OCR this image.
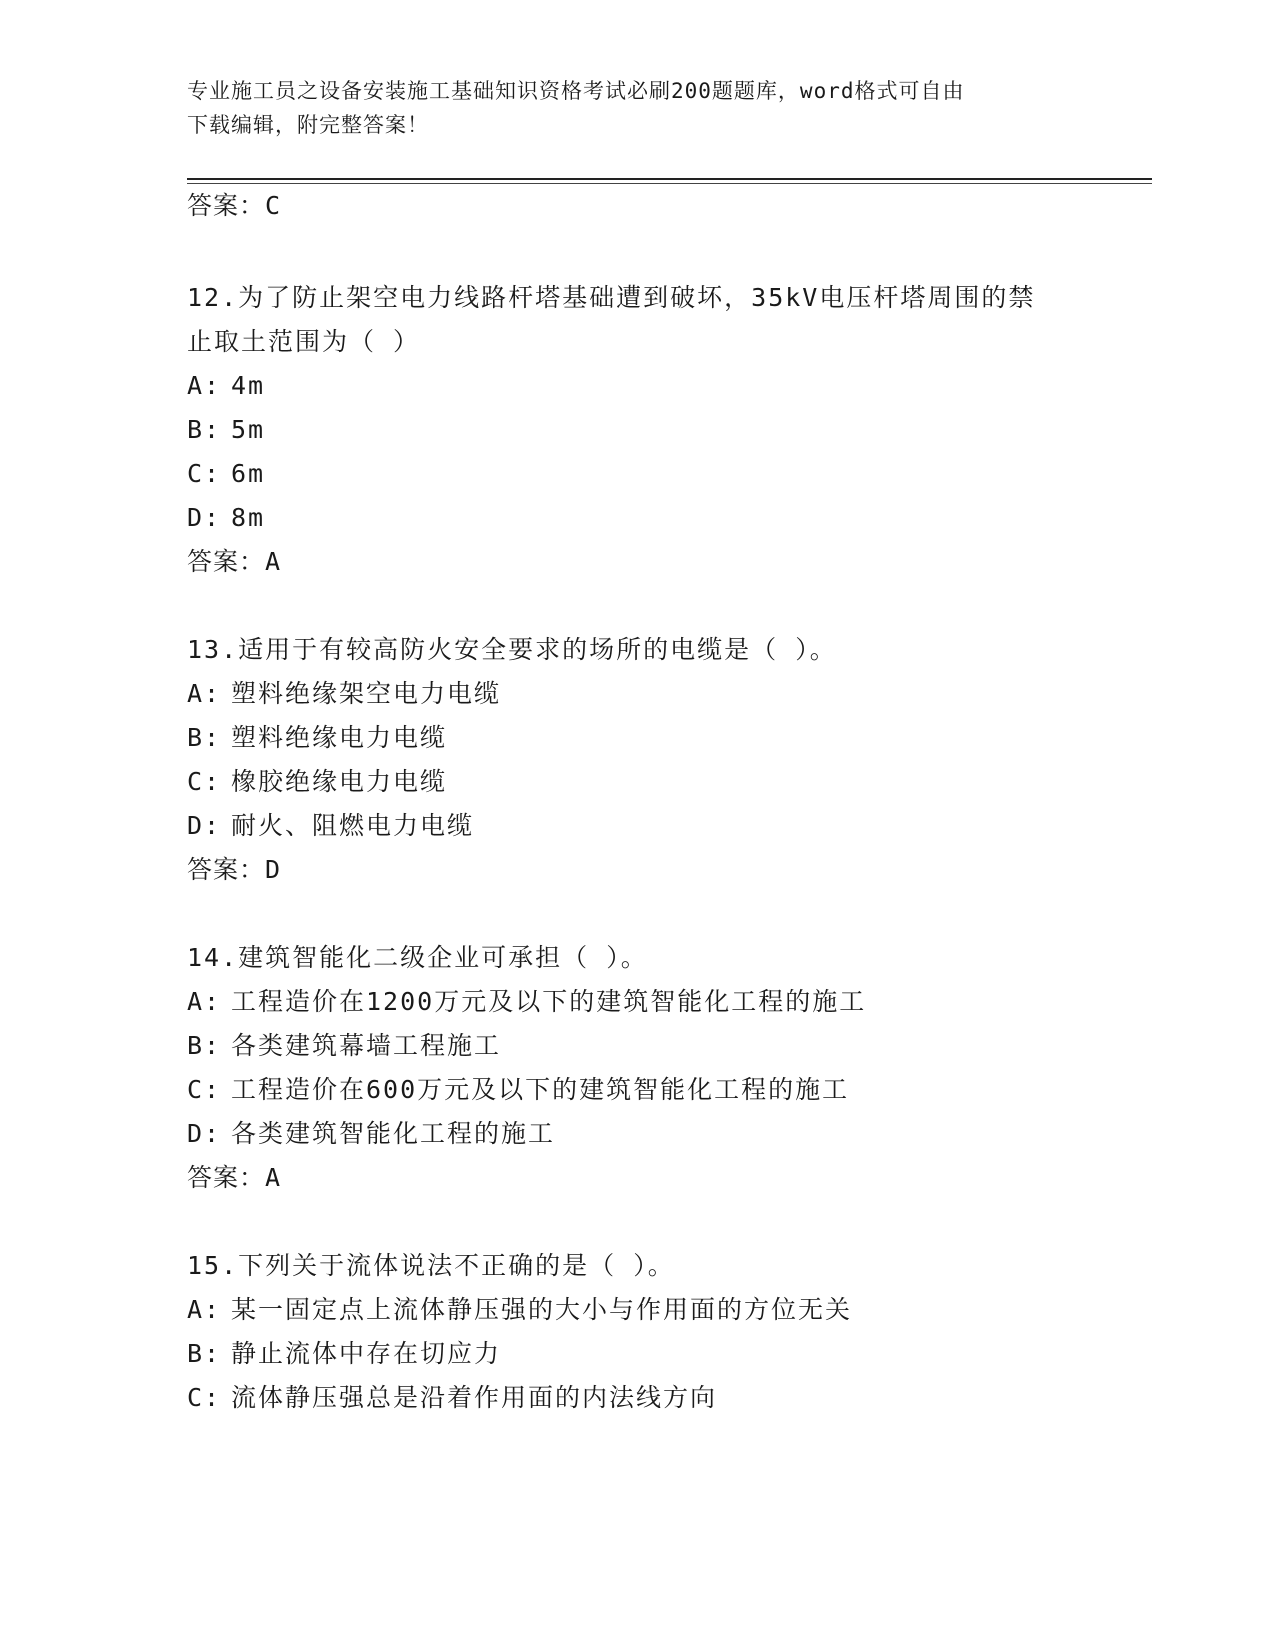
专业施工员之设备安装施工基础知识资格考试必刷200题题库，word格式可自由
下载编辑，附完整答案！
答案：C
12.为了防止架空电力线路杆塔基础遭到破坏，35kV电压杆塔周围的禁
止取土范围为（ ）
A: 4m
B: 5m
C: 6m
D: 8m
答案：A
13.适用于有较高防火安全要求的场所的电缆是（ ）。
A: 塑料绝缘架空电力电缆
B: 塑料绝缘电力电缆
C: 橡胶绝缘电力电缆
D: 耐火、阻燃电力电缆
答案：D
14.建筑智能化二级企业可承担（ ）。
A: 工程造价在1200万元及以下的建筑智能化工程的施工
B: 各类建筑幕墙工程施工
C: 工程造价在600万元及以下的建筑智能化工程的施工
D: 各类建筑智能化工程的施工
答案：A
15.下列关于流体说法不正确的是（ ）。
A: 某一固定点上流体静压强的大小与作用面的方位无关
B: 静止流体中存在切应力
C: 流体静压强总是沿着作用面的内法线方向
